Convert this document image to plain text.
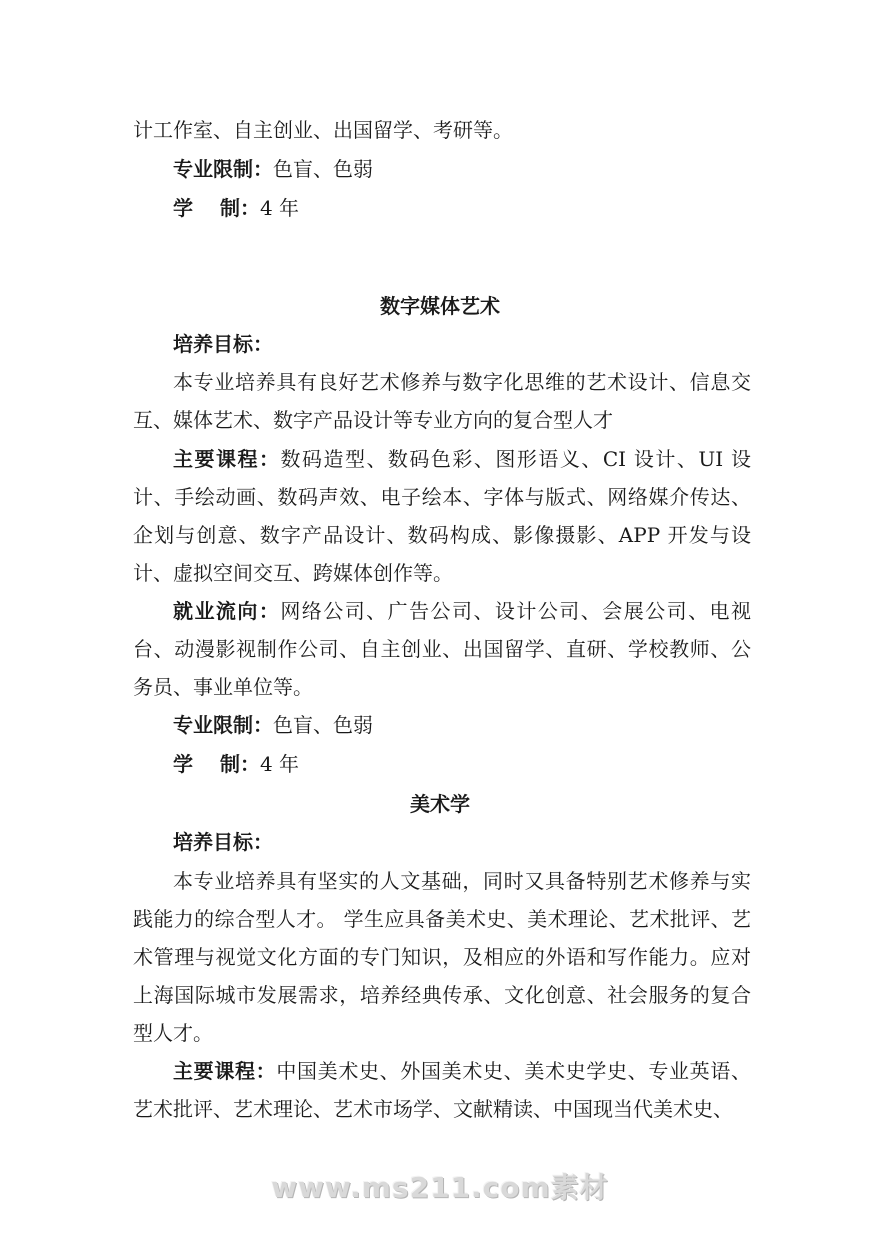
计工作室、自主创业、出国留学、考研等。
专业限制：色盲、色弱
学　 制：4 年
数字媒体艺术
培养目标：
本专业培养具有良好艺术修养与数字化思维的艺术设计、信息交互、媒体艺术、数字产品设计等专业方向的复合型人才
主要课程：数码造型、数码色彩、图形语义、CI 设计、UI 设计、手绘动画、数码声效、电子绘本、字体与版式、网络媒介传达、企划与创意、数字产品设计、数码构成、影像摄影、APP 开发与设计、虚拟空间交互、跨媒体创作等。
就业流向：网络公司、广告公司、设计公司、会展公司、电视台、动漫影视制作公司、自主创业、出国留学、直研、学校教师、公务员、事业单位等。
专业限制：色盲、色弱
学　 制：4 年
美术学
培养目标：
本专业培养具有坚实的人文基础，同时又具备特别艺术修养与实践能力的综合型人才。 学生应具备美术史、美术理论、艺术批评、艺术管理与视觉文化方面的专门知识，及相应的外语和写作能力。应对上海国际城市发展需求，培养经典传承、文化创意、社会服务的复合型人才。
主要课程：中国美术史、外国美术史、美术史学史、专业英语、艺术批评、艺术理论、艺术市场学、文献精读、中国现当代美术史、
www.ms211.com素材
